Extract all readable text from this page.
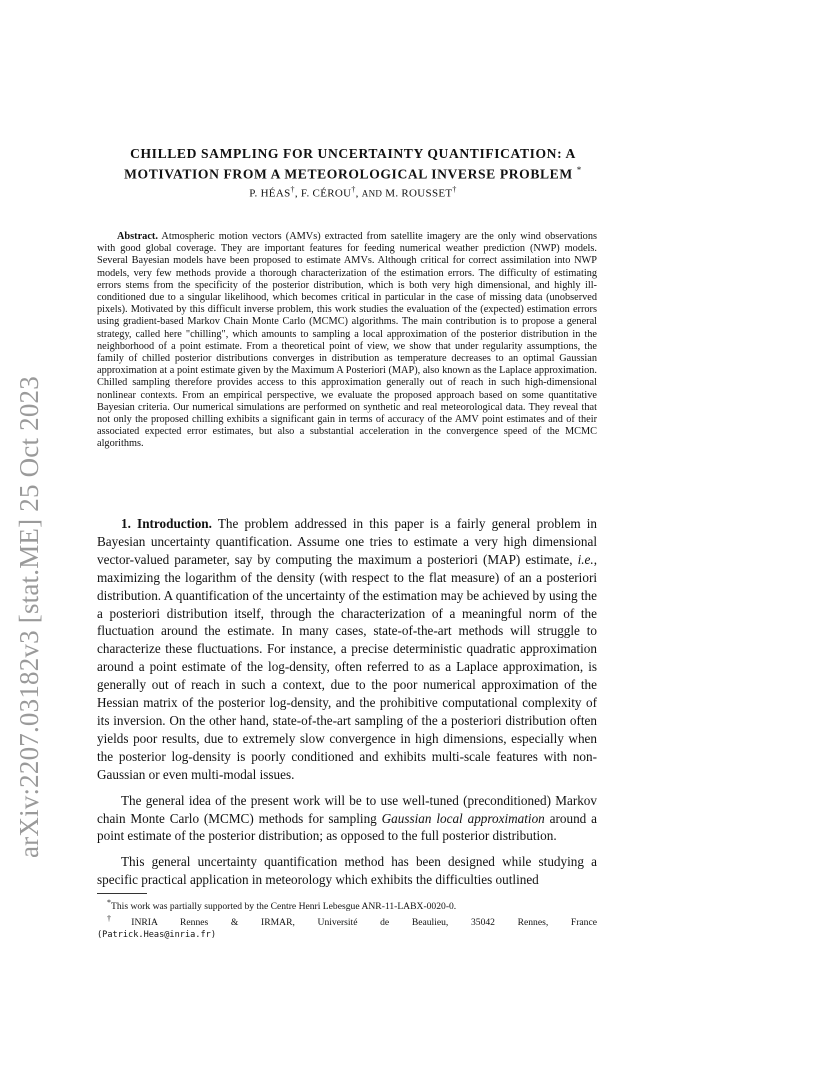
arXiv:2207.03182v3 [stat.ME] 25 Oct 2023
CHILLED SAMPLING FOR UNCERTAINTY QUANTIFICATION: A
MOTIVATION FROM A METEOROLOGICAL INVERSE PROBLEM *
P. HÉAS†, F. CÉROU†, AND M. ROUSSET†
Abstract. Atmospheric motion vectors (AMVs) extracted from satellite imagery are the only wind observations with good global coverage. They are important features for feeding numerical weather prediction (NWP) models. Several Bayesian models have been proposed to estimate AMVs. Although critical for correct assimilation into NWP models, very few methods provide a thorough characterization of the estimation errors. The difficulty of estimating errors stems from the specificity of the posterior distribution, which is both very high dimensional, and highly ill-conditioned due to a singular likelihood, which becomes critical in particular in the case of missing data (unobserved pixels). Motivated by this difficult inverse problem, this work studies the evaluation of the (expected) estimation errors using gradient-based Markov Chain Monte Carlo (MCMC) algorithms. The main contribution is to propose a general strategy, called here "chilling", which amounts to sampling a local approximation of the posterior distribution in the neighborhood of a point estimate. From a theoretical point of view, we show that under regularity assumptions, the family of chilled posterior distributions converges in distribution as temperature decreases to an optimal Gaussian approximation at a point estimate given by the Maximum A Posteriori (MAP), also known as the Laplace approximation. Chilled sampling therefore provides access to this approximation generally out of reach in such high-dimensional nonlinear contexts. From an empirical perspective, we evaluate the proposed approach based on some quantitative Bayesian criteria. Our numerical simulations are performed on synthetic and real meteorological data. They reveal that not only the proposed chilling exhibits a significant gain in terms of accuracy of the AMV point estimates and of their associated expected error estimates, but also a substantial acceleration in the convergence speed of the MCMC algorithms.

1. Introduction. The problem addressed in this paper is a fairly general problem in Bayesian uncertainty quantification. Assume one tries to estimate a very high dimensional vector-valued parameter, say by computing the maximum a posteriori (MAP) estimate, i.e., maximizing the logarithm of the density (with respect to the flat measure) of an a posteriori distribution. A quantification of the uncertainty of the estimation may be achieved by using the a posteriori distribution itself, through the characterization of a meaningful norm of the fluctuation around the estimate. In many cases, state-of-the-art methods will struggle to characterize these fluctuations. For instance, a precise deterministic quadratic approximation around a point estimate of the log-density, often referred to as a Laplace approximation, is generally out of reach in such a context, due to the poor numerical approximation of the Hessian matrix of the posterior log-density, and the prohibitive computational complexity of its inversion. On the other hand, state-of-the-art sampling of the a posteriori distribution often yields poor results, due to extremely slow convergence in high dimensions, especially when the posterior log-density is poorly conditioned and exhibits multi-scale features with non-Gaussian or even multi-modal issues.

The general idea of the present work will be to use well-tuned (preconditioned) Markov chain Monte Carlo (MCMC) methods for sampling Gaussian local approximation around a point estimate of the posterior distribution; as opposed to the full posterior distribution.

This general uncertainty quantification method has been designed while studying a specific practical application in meteorology which exhibits the difficulties outlined

*This work was partially supported by the Centre Henri Lebesgue ANR-11-LABX-0020-0.

†INRIA Rennes & IRMAR, Université de Beaulieu, 35042 Rennes, France

(Patrick.Heas@inria.fr)
